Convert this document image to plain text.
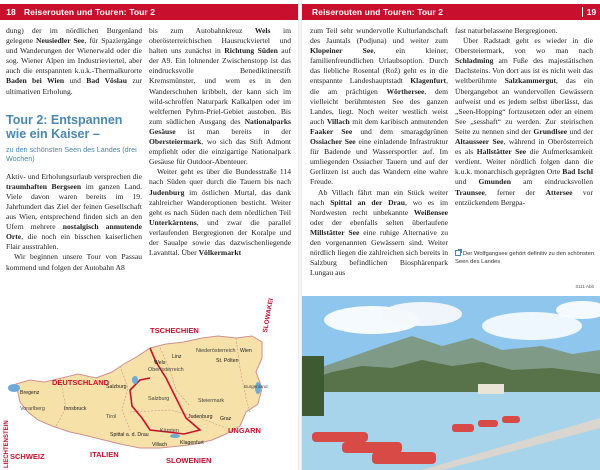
18 Reiserouten und Touren: Tour 2

dung) der im nördlichen Burgenland gelegene Neusiedler See, für Spaziergänge und Wanderungen der Wienerwald oder die sog. Wiener Alpen im Industrieviertel, aber auch die entspannten k.u.k.-Thermalkurorte Baden bei Wien und Bad Vöslau zur ultimativen Erholung.

Tour 2: Entspannen
wie ein Kaiser –
zu den schönsten Seen des Landes (drei Wochen)

Aktiv- und Erholungsurlaub versprechen die traumhaften Bergseen im ganzen Land. Viele davon waren bereits im 19. Jahrhundert das Ziel der feinen Gesellschaft aus Wien, entsprechend finden sich an den Ufern mehrere nostalgisch anmutende Orte, die noch ein bisschen kaiserlichen Flair ausstrahlen.

Wir beginnen unsere Tour von Passau kommend und folgen der Autobahn A8

bis zum Autobahnkreuz Wels im oberösterreichischen Hausruckviertel und halten uns zunächst in Richtung Süden auf der A9. Ein lohnender Zwischenstopp ist das eindrucksvolle Benediktinerstift Kremsmünster, und wem es in den Wanderschuhen kribbelt, der kann sich im wild-schroffen Naturpark Kalkalpen oder im weltfernen Pyhrn-Priel-Gebiet austoben. Bis zum südlichen Ausgang des Nationalparks Gesäuse ist man bereits in der Obersteiermark, wo sich das Stift Admont empfiehlt oder die einzigartige Nationalpark Gesäuse für Outdoor-Abenteuer.

Weiter geht es über die Bundesstraße 114 nach Süden quer durch die Tauern bis nach Judenburg im östlichen Murtal, das dank zahlreicher Wanderoptionen besticht. Weiter geht es nach Süden nach dem nördlichen Teil Unterkärntens, und zwar die parallel verlaufenden Bergregionen der Koralpe und der Saualpe sowie das dazwischenliegende Lavanttal. Über Völkermarkt

TSCHECHIEN	SLOWAKEI
DEUTSCHLAND
LIECHTENSTEIN SCHWEIZ	ITALIEN
SLOWENIEN
UNGARN
Niederösterreich
Oberösterreich
Salzburg	Steiermark
Kärnten
Tirol
Vorarlberg
Burgenland
Linz
Wels	St. Pölten
Wien
Salzburg
Bregenz
Innsbruck
Graz
Klagenfurt
Villach
Spittal a. d. Drau
Judenburg
Reiserouten und Touren: Tour 2	19

zum Teil sehr wundervolle Kulturlandschaft des Jauntals (Podjuna) und weiter zum Klopeiner See, ein kleiner, familienfreundlichen Urlaubsoption. Durch das liebliche Rosental (Rož) geht es in die entspannte Landeshauptstadt Klagenfurt, die am prächtigen Wörthersee, dem vielleicht berühmtesten See des ganzen Landes, liegt. Noch weiter westlich weist auch Villach mit dem karibisch anmutenden Faaker See und dem smaragdgrünen Ossiacher See eine einladende Infrastruktur für Badende und Wassersportler auf. Im umliegenden Ossiacher Tauern und auf der Gerlitzen ist auch das Wandern eine wahre Freude.

Ab Villach fährt man ein Stück weiter nach Spittal an der Drau, wo es im Nordwesten recht unbekannte Weißensee oder der ebenfalls selten überlaufene Millstätter See eine ruhige Alternative zu den vorgenannten Gewässern sind. Weiter nördlich liegen die zahlreichen sich bereits in Salzburg befindlichen Biosphärenpark Lungau aus

fast naturbelassene Bergregionen.

Über Radstadt geht es wieder in die Obersteiermark, von wo man nach Schladming am Fuße des majestätischen Dachsteins. Von dort aus ist es nicht weit das weltberühmte Salzkammergut, das ein Übergangebot an wundervollen Gewässern aufweist und es jedem selbst überlässt, das „Seen-Hopping“ fortzusetzen oder an einem See „sesshaft“ zu werden. Zur steirischen Seite zu nennen sind der Grundlsee und der Altausseer See, während in Oberösterreich es als Hallstätter See die Aufmerksamkeit verdient. Weiter nördlich folgen dann die k.u.k. monarchisch geprägten Orte Bad Ischl und Gmunden am eindrucksvollen Traunsee, ferner der Attersee vor entzückendem Bergpa-

Der Wolfgangsee gehört definitiv zu den schönsten Seen des Landes
0111 Abb
